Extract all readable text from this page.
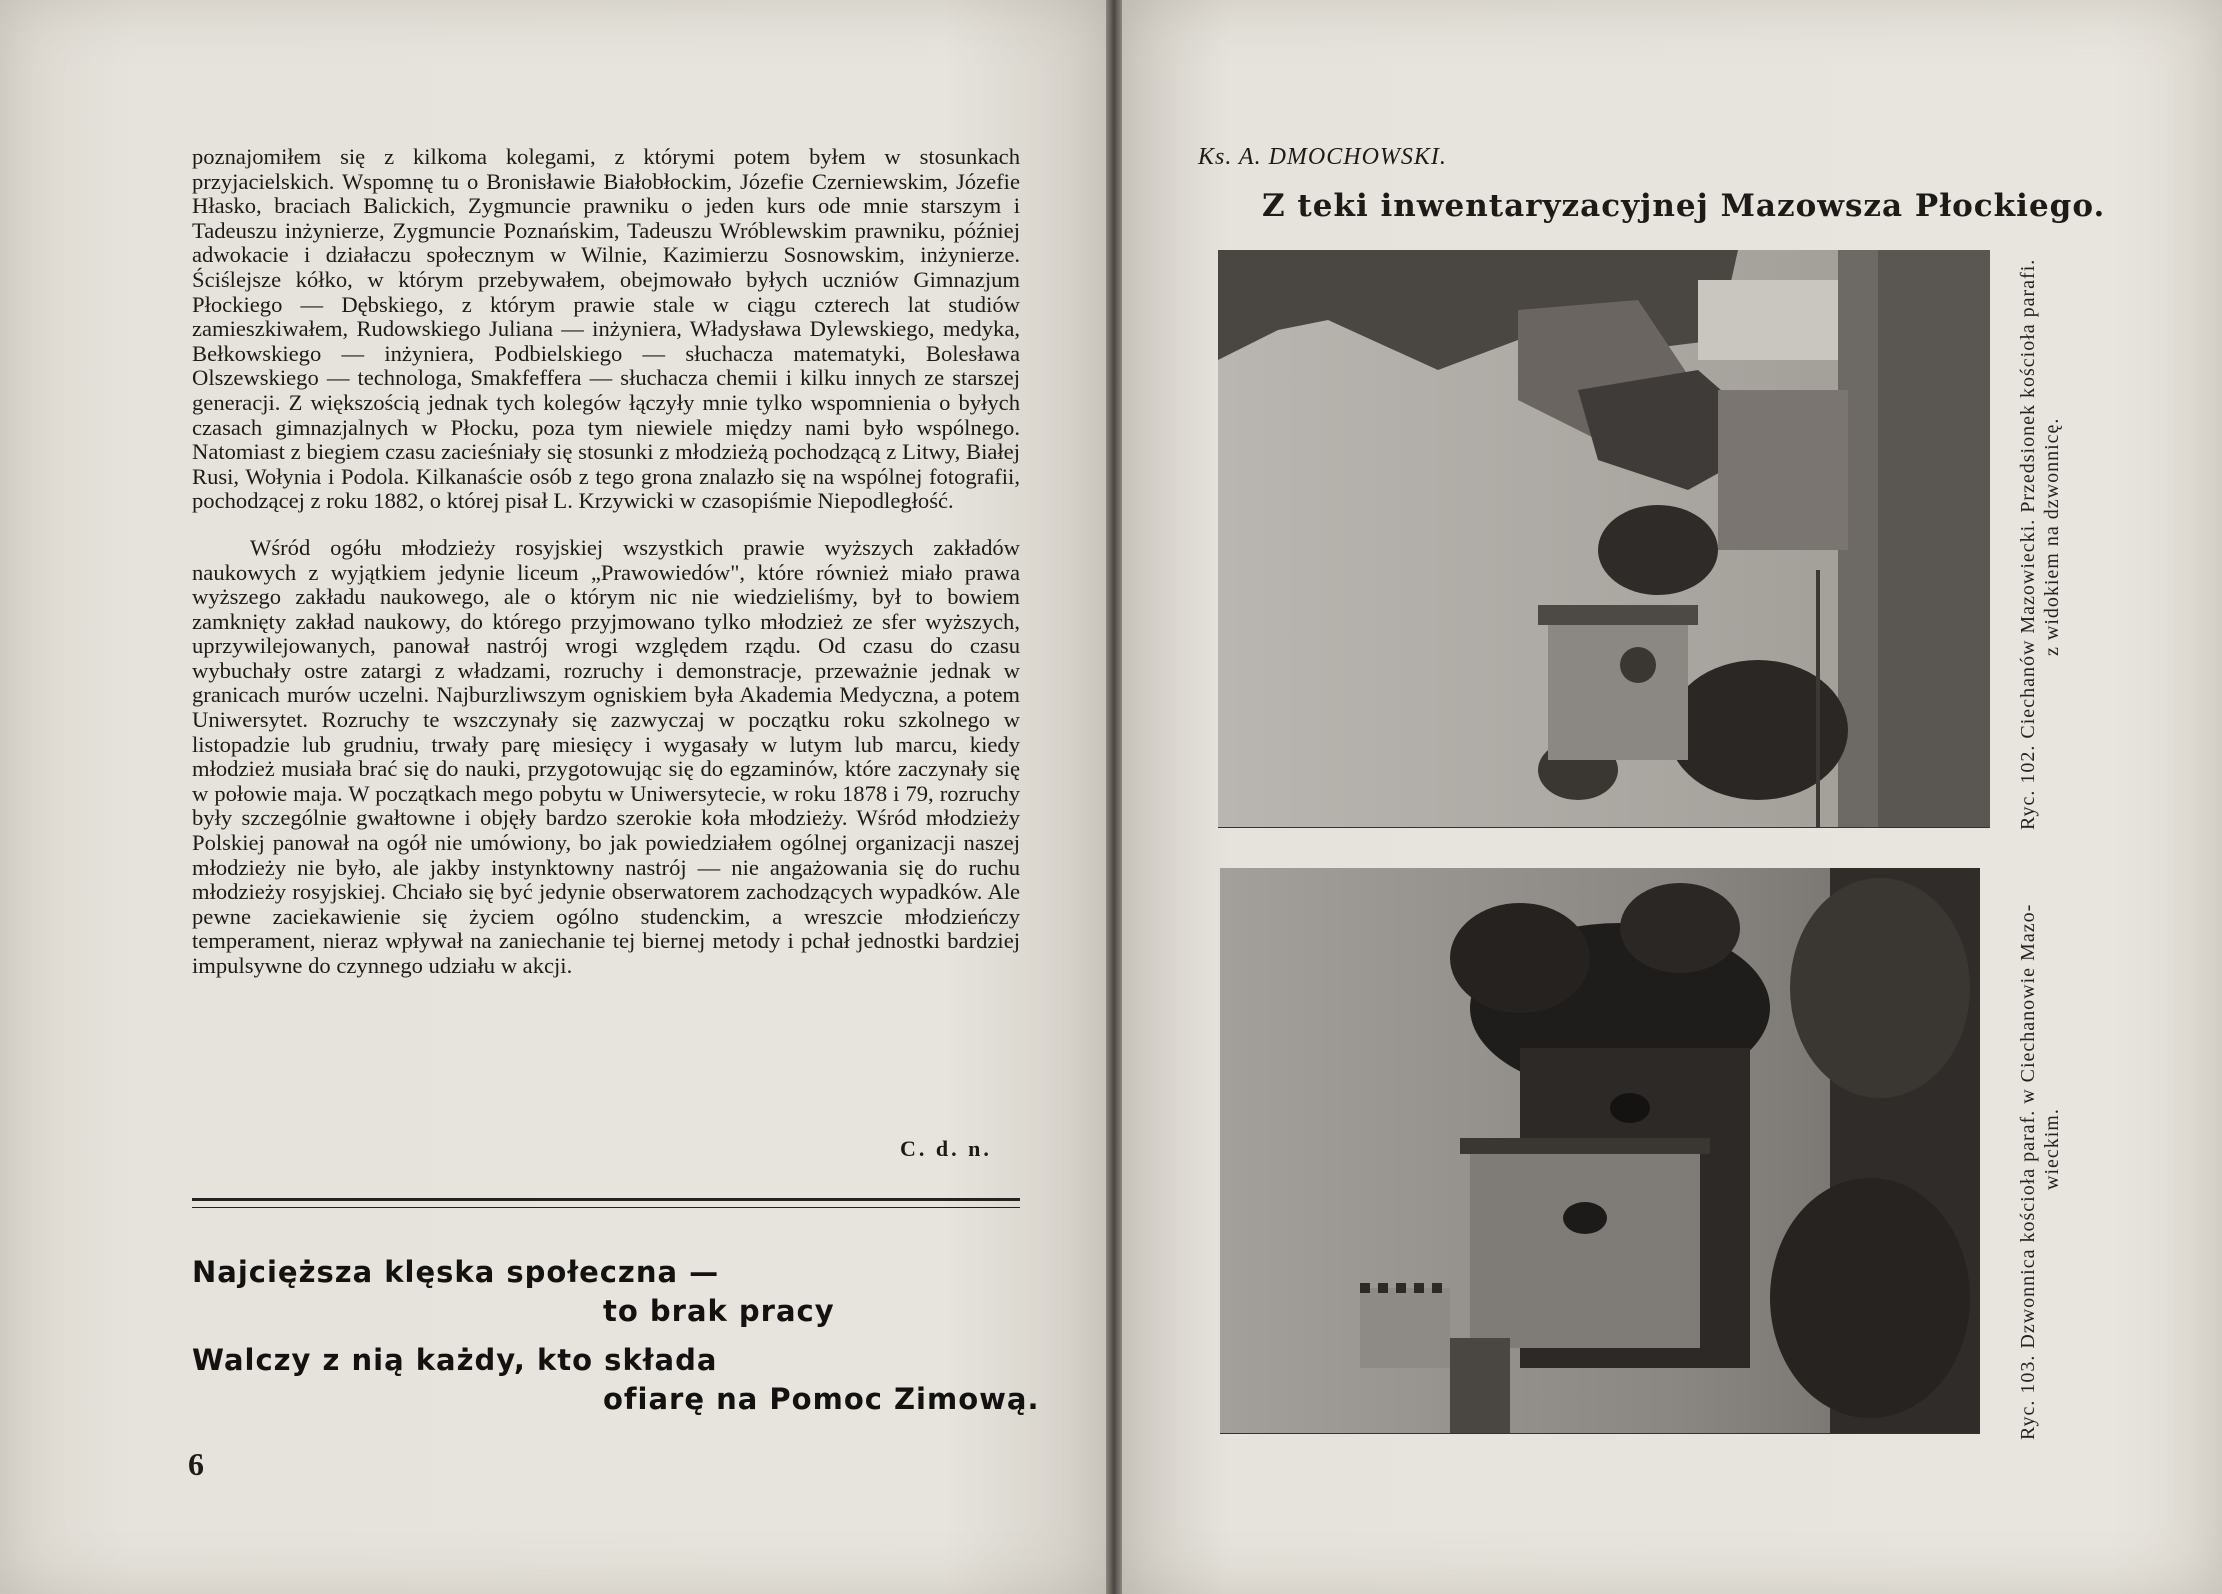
poznajomiłem się z kilkoma kolegami, z którymi potem byłem w stosunkach przyjacielskich. Wspomnę tu o Bronisławie Białobłockim, Józefie Czerniewskim, Józefie Hłasko, braciach Balickich, Zygmuncie prawniku o jeden kurs ode mnie starszym i Tadeuszu inżynierze, Zygmuncie Poznańskim, Tadeuszu Wróblewskim prawniku, później adwokacie i działaczu społecznym w Wilnie, Kazimierzu Sosnowskim, inżynierze. Ściślejsze kółko, w którym przebywałem, obejmowało byłych uczniów Gimnazjum Płockiego — Dębskiego, z którym prawie stale w ciągu czterech lat studiów zamieszkiwałem, Rudowskiego Juliana — inżyniera, Władysława Dylewskiego, medyka, Bełkowskiego — inżyniera, Podbielskiego — słuchacza matematyki, Bolesława Olszewskiego — technologa, Smakfeffera — słuchacza chemii i kilku innych ze starszej generacji. Z większością jednak tych kolegów łączyły mnie tylko wspomnienia o byłych czasach gimnazjalnych w Płocku, poza tym niewiele między nami było wspólnego. Natomiast z biegiem czasu zacieśniały się stosunki z młodzieżą pochodzącą z Litwy, Białej Rusi, Wołynia i Podola. Kilkanaście osób z tego grona znalazło się na wspólnej fotografii, pochodzącej z roku 1882, o której pisał L. Krzywicki w czasopiśmie Niepodległość.

Wśród ogółu młodzieży rosyjskiej wszystkich prawie wyższych zakładów naukowych z wyjątkiem jedynie liceum „Prawowiedów", które również miało prawa wyższego zakładu naukowego, ale o którym nic nie wiedzieliśmy, był to bowiem zamknięty zakład naukowy, do którego przyjmowano tylko młodzież ze sfer wyższych, uprzywilejowanych, panował nastrój wrogi względem rządu. Od czasu do czasu wybuchały ostre zatargi z władzami, rozruchy i demonstracje, przeważnie jednak w granicach murów uczelni. Najburzliwszym ogniskiem była Akademia Medyczna, a potem Uniwersytet. Rozruchy te wszczynały się zazwyczaj w początku roku szkolnego w listopadzie lub grudniu, trwały parę miesięcy i wygasały w lutym lub marcu, kiedy młodzież musiała brać się do nauki, przygotowując się do egzaminów, które zaczynały się w połowie maja. W początkach mego pobytu w Uniwersytecie, w roku 1878 i 79, rozruchy były szczególnie gwałtowne i objęły bardzo szerokie koła młodzieży. Wśród młodzieży Polskiej panował na ogół nie umówiony, bo jak powiedziałem ogólnej organizacji naszej młodzieży nie było, ale jakby instynktowny nastrój — nie angażowania się do ruchu młodzieży rosyjskiej. Chciało się być jedynie obserwatorem zachodzących wypadków. Ale pewne zaciekawienie się życiem ogólno studenckim, a wreszcie młodzieńczy temperament, nieraz wpływał na zaniechanie tej biernej metody i pchał jednostki bardziej impulsywne do czynnego udziału w akcji.

C. d. n.
Najcięższa klęska społeczna —
to brak pracy
Walczy z nią każdy, kto składa
ofiarę na Pomoc Zimową.
6
Ks. A. DMOCHOWSKI.
Z teki inwentaryzacyjnej Mazowsza Płockiego.
Ryc. 102. Ciechanów Mazowiecki. Przedsionek kościoła parafi. z widokiem na dzwonnicę.
Ryc. 103. Dzwonnica kościoła paraf. w Ciechanowie Mazo- wieckim.
